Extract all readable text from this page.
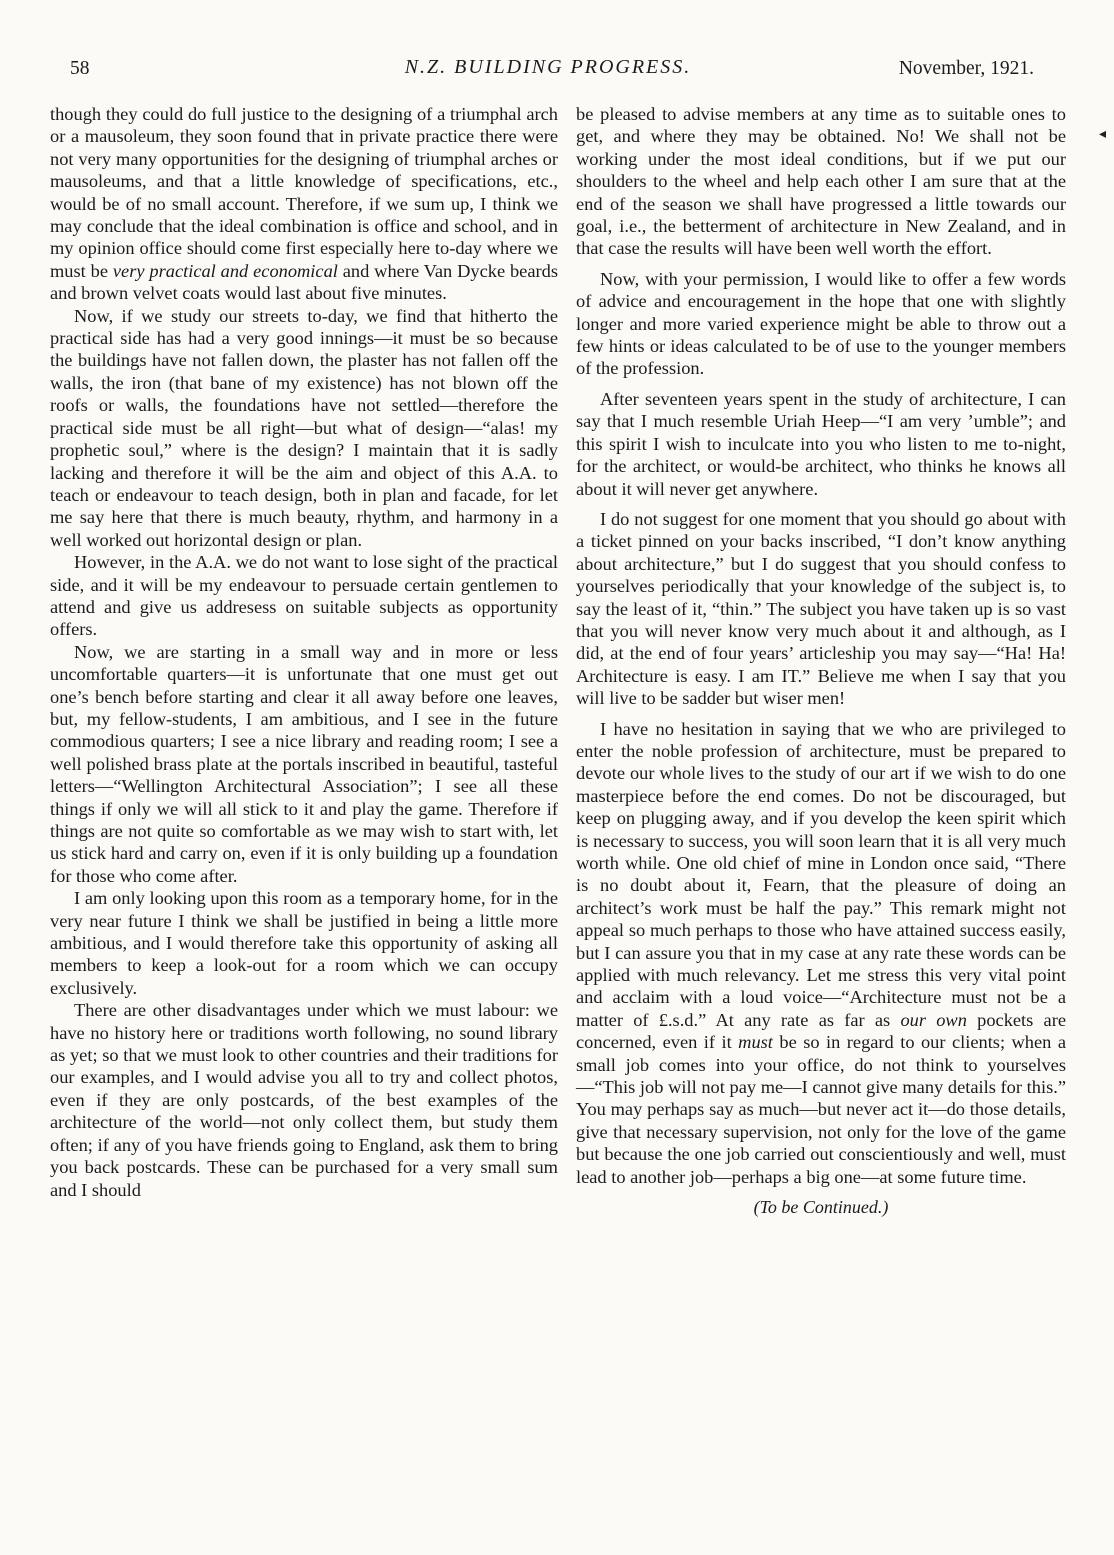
58	N.Z. BUILDING PROGRESS.	November, 1921.
◂

though they could do full justice to the designing of a triumphal arch or a mausoleum, they soon found that in private practice there were not very many opportunities for the designing of triumphal arches or mausoleums, and that a little knowledge of specifications, etc., would be of no small account. Therefore, if we sum up, I think we may conclude that the ideal combination is office and school, and in my opinion office should come first especially here to-day where we must be very practical and economical and where Van Dycke beards and brown velvet coats would last about five minutes.

Now, if we study our streets to-day, we find that hitherto the practical side has had a very good innings—it must be so because the buildings have not fallen down, the plaster has not fallen off the walls, the iron (that bane of my existence) has not blown off the roofs or walls, the foundations have not settled—therefore the practical side must be all right—but what of design—“alas! my prophetic soul,” where is the design? I maintain that it is sadly lacking and therefore it will be the aim and object of this A.A. to teach or endeavour to teach design, both in plan and facade, for let me say here that there is much beauty, rhythm, and harmony in a well worked out horizontal design or plan.

However, in the A.A. we do not want to lose sight of the practical side, and it will be my endeavour to persuade certain gentlemen to attend and give us addresess on suitable subjects as opportunity offers.

Now, we are starting in a small way and in more or less uncomfortable quarters—it is unfortunate that one must get out one’s bench before starting and clear it all away before one leaves, but, my fellow-students, I am ambitious, and I see in the future commodious quarters; I see a nice library and reading room; I see a well polished brass plate at the portals inscribed in beautiful, tasteful letters—“Wellington Architectural Association”; I see all these things if only we will all stick to it and play the game. Therefore if things are not quite so comfortable as we may wish to start with, let us stick hard and carry on, even if it is only building up a foundation for those who come after.

I am only looking upon this room as a temporary home, for in the very near future I think we shall be justified in being a little more ambitious, and I would therefore take this opportunity of asking all members to keep a look-out for a room which we can occupy exclusively.

There are other disadvantages under which we must labour: we have no history here or traditions worth following, no sound library as yet; so that we must look to other countries and their traditions for our examples, and I would advise you all to try and collect photos, even if they are only postcards, of the best examples of the architecture of the world—not only collect them, but study them often; if any of you have friends going to England, ask them to bring you back postcards. These can be purchased for a very small sum and I should

be pleased to advise members at any time as to suitable ones to get, and where they may be obtained. No! We shall not be working under the most ideal conditions, but if we put our shoulders to the wheel and help each other I am sure that at the end of the season we shall have progressed a little towards our goal, i.e., the betterment of architecture in New Zealand, and in that case the results will have been well worth the effort.

Now, with your permission, I would like to offer a few words of advice and encouragement in the hope that one with slightly longer and more varied experience might be able to throw out a few hints or ideas calculated to be of use to the younger members of the profession.

After seventeen years spent in the study of architecture, I can say that I much resemble Uriah Heep—“I am very ’umble”; and this spirit I wish to inculcate into you who listen to me to-night, for the architect, or would-be architect, who thinks he knows all about it will never get anywhere.

I do not suggest for one moment that you should go about with a ticket pinned on your backs inscribed, “I don’t know anything about architecture,” but I do suggest that you should confess to yourselves periodically that your knowledge of the subject is, to say the least of it, “thin.” The subject you have taken up is so vast that you will never know very much about it and although, as I did, at the end of four years’ articleship you may say—“Ha! Ha! Architecture is easy. I am IT.” Believe me when I say that you will live to be sadder but wiser men!

I have no hesitation in saying that we who are privileged to enter the noble profession of architecture, must be prepared to devote our whole lives to the study of our art if we wish to do one masterpiece before the end comes. Do not be discouraged, but keep on plugging away, and if you develop the keen spirit which is necessary to success, you will soon learn that it is all very much worth while. One old chief of mine in London once said, “There is no doubt about it, Fearn, that the pleasure of doing an architect’s work must be half the pay.” This remark might not appeal so much perhaps to those who have attained success easily, but I can assure you that in my case at any rate these words can be applied with much relevancy. Let me stress this very vital point and acclaim with a loud voice—“Architecture must not be a matter of £.s.d.” At any rate as far as our own pockets are concerned, even if it must be so in regard to our clients; when a small job comes into your office, do not think to yourselves—“This job will not pay me—I cannot give many details for this.” You may perhaps say as much—but never act it—do those details, give that necessary supervision, not only for the love of the game but because the one job carried out conscientiously and well, must lead to another job—perhaps a big one—at some future time.

(To be Continued.)
